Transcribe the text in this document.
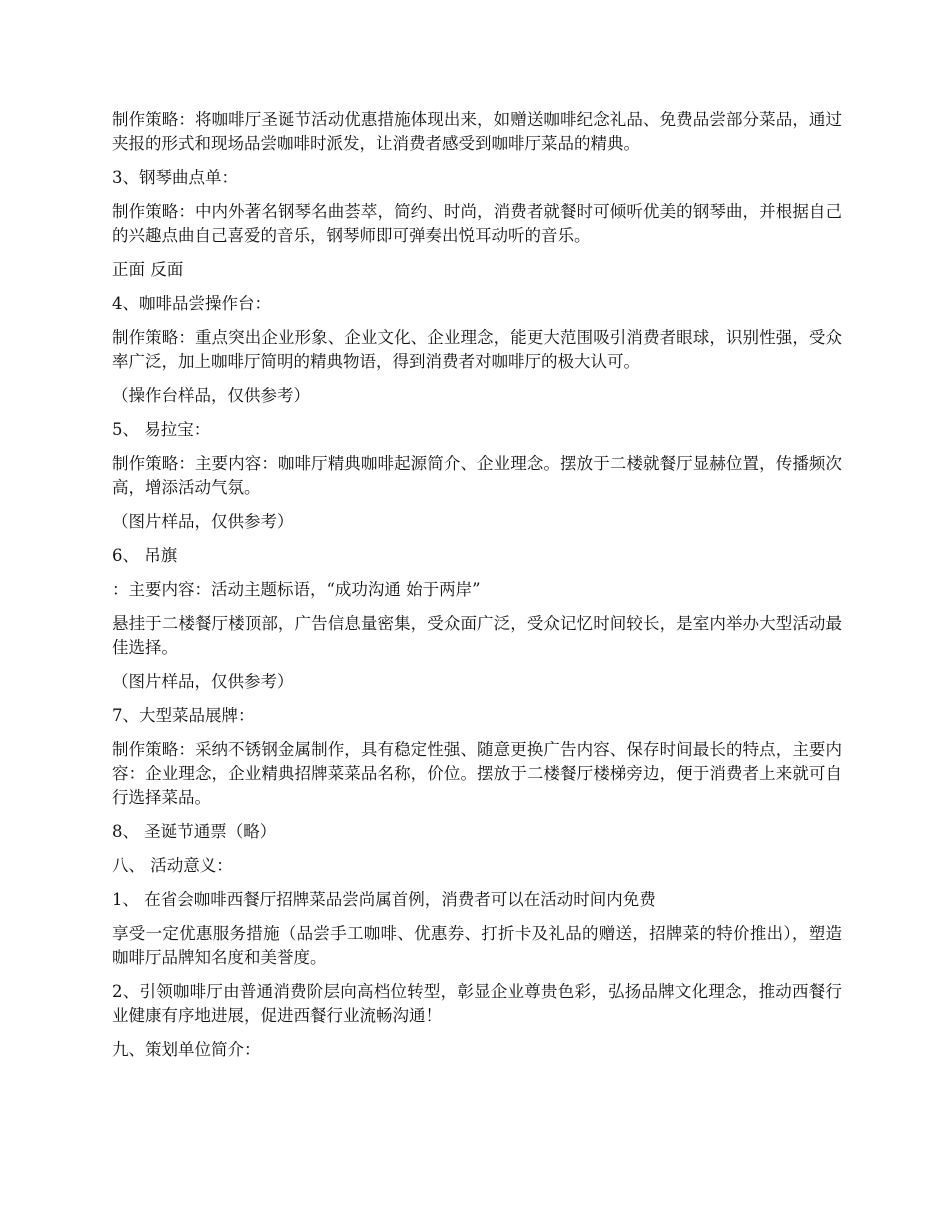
制作策略：将咖啡厅圣诞节活动优惠措施体现出来，如赠送咖啡纪念礼品、免费品尝部分菜品，通过夹报的形式和现场品尝咖啡时派发，让消费者感受到咖啡厅菜品的精典。

3、钢琴曲点单：

制作策略：中内外著名钢琴名曲荟萃，简约、时尚，消费者就餐时可倾听优美的钢琴曲，并根据自己的兴趣点曲自己喜爱的音乐，钢琴师即可弹奏出悦耳动听的音乐。

正面 反面

4、咖啡品尝操作台：

制作策略：重点突出企业形象、企业文化、企业理念，能更大范围吸引消费者眼球，识别性强，受众率广泛，加上咖啡厅简明的精典物语，得到消费者对咖啡厅的极大认可。

（操作台样品，仅供参考）

5、 易拉宝：

制作策略：主要内容：咖啡厅精典咖啡起源简介、企业理念。摆放于二楼就餐厅显赫位置，传播频次高，增添活动气氛。

（图片样品，仅供参考）

6、 吊旗

：主要内容：活动主题标语，“成功沟通 始于两岸”

悬挂于二楼餐厅楼顶部，广告信息量密集，受众面广泛，受众记忆时间较长，是室内举办大型活动最佳选择。

（图片样品，仅供参考）

7、大型菜品展牌：

制作策略：采纳不锈钢金属制作，具有稳定性强、随意更换广告内容、保存时间最长的特点，主要内容：企业理念，企业精典招牌菜菜品名称，价位。摆放于二楼餐厅楼梯旁边，便于消费者上来就可自行选择菜品。

8、 圣诞节通票（略）

八、 活动意义：

1、 在省会咖啡西餐厅招牌菜品尝尚属首例，消费者可以在活动时间内免费

享受一定优惠服务措施（品尝手工咖啡、优惠券、打折卡及礼品的赠送，招牌菜的特价推出），塑造咖啡厅品牌知名度和美誉度。

2、引领咖啡厅由普通消费阶层向高档位转型，彰显企业尊贵色彩，弘扬品牌文化理念，推动西餐行业健康有序地进展，促进西餐行业流畅沟通！

九、策划单位简介：
